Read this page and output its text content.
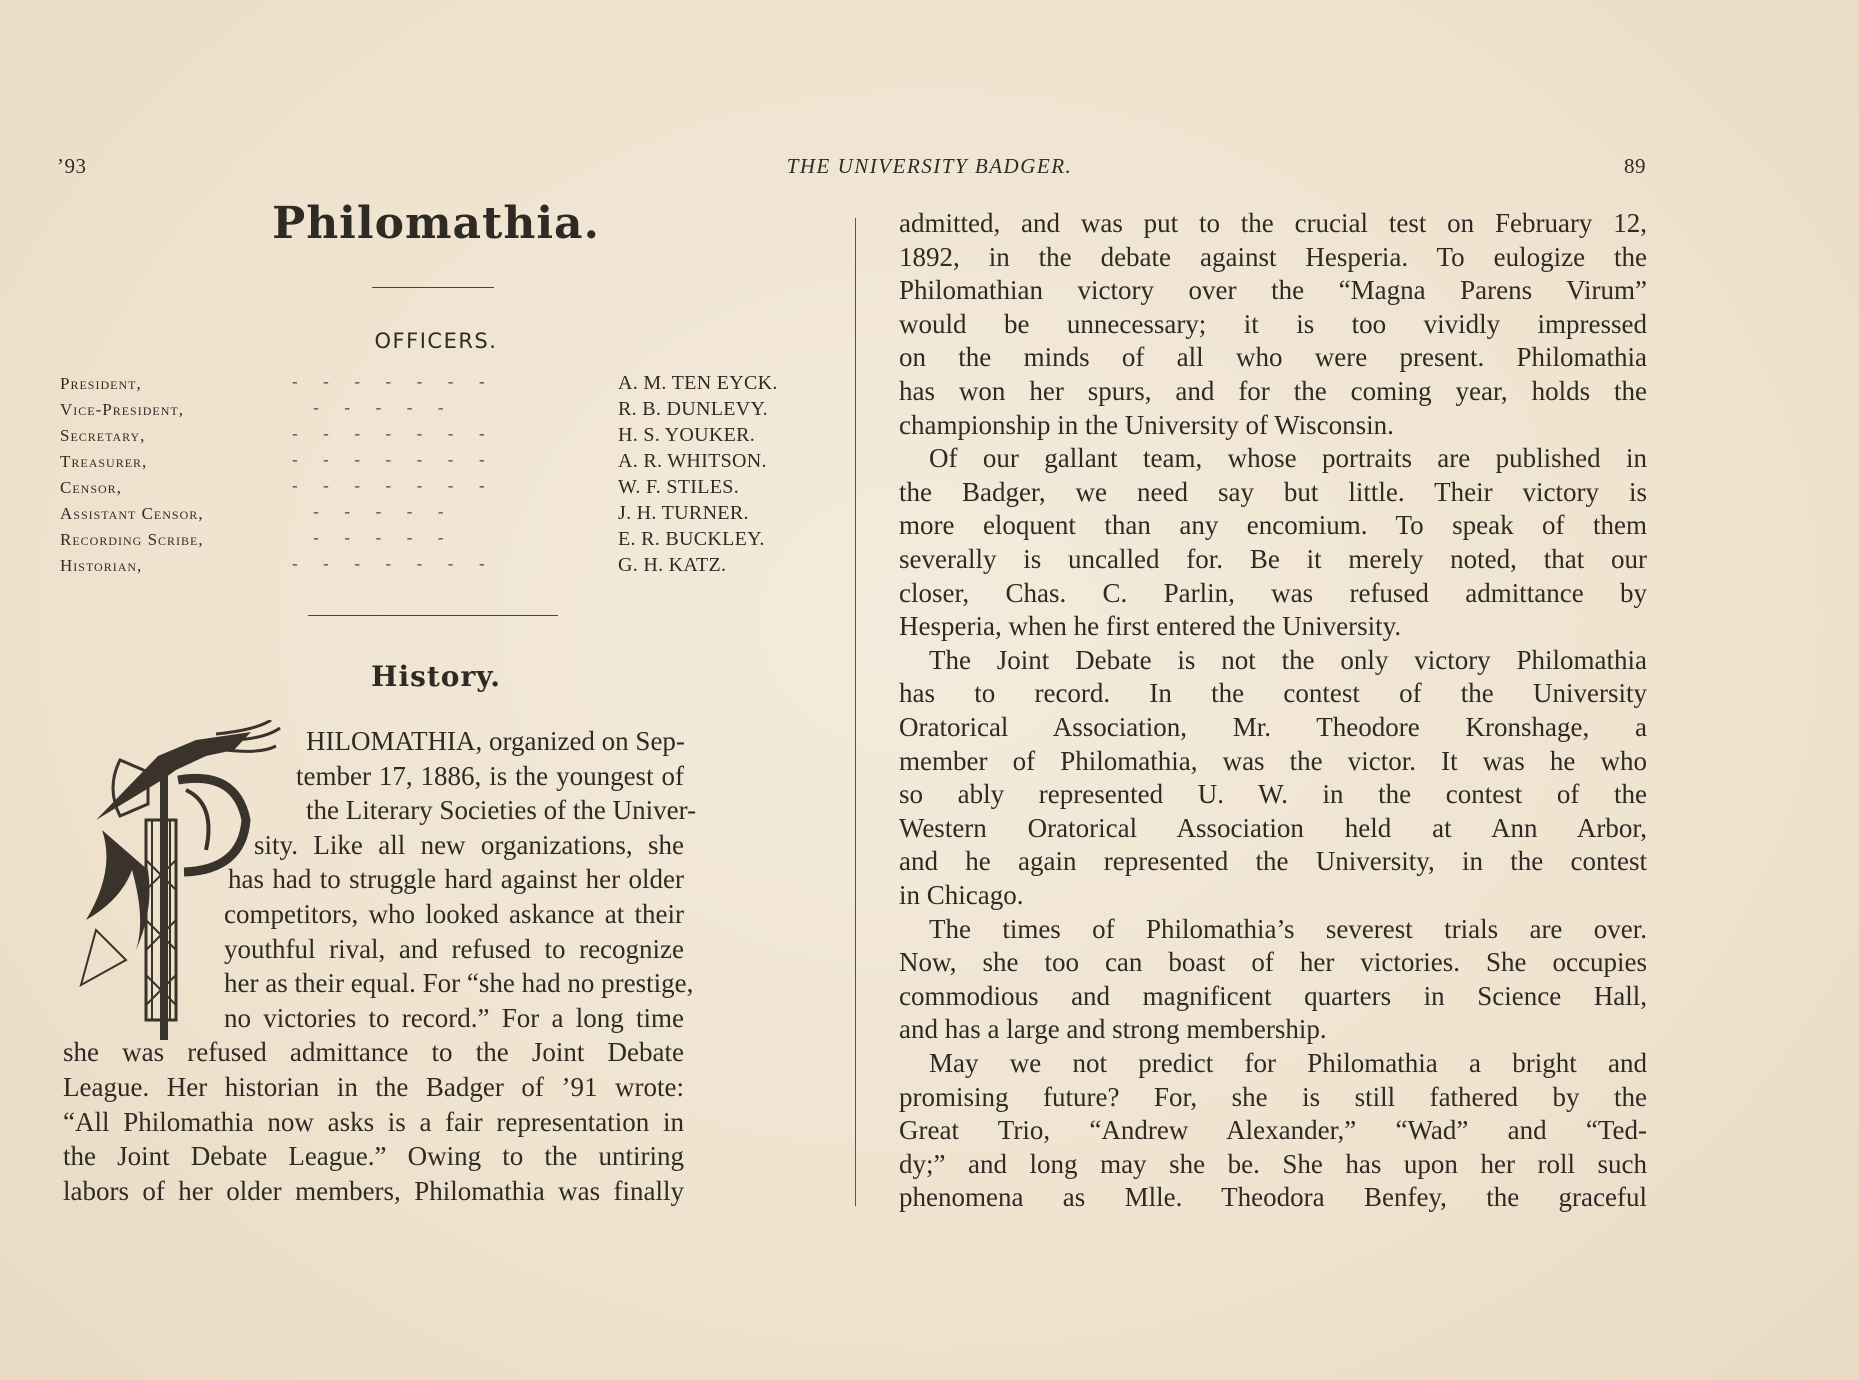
’93	THE UNIVERSITY BADGER.	89
Philomathia.
OFFICERS.
President,	-      -      -      -      -      -      -	A. M. TEN EYCK.
Vice-President,	-      -      -      -      -	R. B. DUNLEVY.
Secretary,	-      -      -      -      -      -      -	H. S. YOUKER.
Treasurer,	-      -      -      -      -      -      -	A. R. WHITSON.
Censor,	-      -      -      -      -      -      -	W. F. STILES.
Assistant Censor,	-      -      -      -      -	J. H. TURNER.
Recording Scribe,	-      -      -      -      -	E. R. BUCKLEY.
Historian,	-      -      -      -      -      -      -	G. H. KATZ.
History.
HILOMATHIA, organized on Sep-
tember 17, 1886, is the youngest of
the Literary Societies of the Univer-
sity. Like all new organizations, she
has had to struggle hard against her older
competitors, who looked askance at their
youthful rival, and refused to recognize
her as their equal. For “she had no prestige,
no victories to record.” For a long time
she was refused admittance to the Joint Debate
League. Her historian in the Badger of ’91 wrote:
“All Philomathia now asks is a fair representation in
the Joint Debate League.” Owing to the untiring
labors of her older members, Philomathia was finally
admitted, and was put to the crucial test on February 12,
1892, in the debate against Hesperia. To eulogize the
Philomathian victory over the “Magna Parens Virum”
would be unnecessary; it is too vividly impressed
on the minds of all who were present. Philomathia
has won her spurs, and for the coming year, holds the
championship in the University of Wisconsin.
Of our gallant team, whose portraits are published in
the Badger, we need say but little. Their victory is
more eloquent than any encomium. To speak of them
severally is uncalled for. Be it merely noted, that our
closer, Chas. C. Parlin, was refused admittance by
Hesperia, when he first entered the University.
The Joint Debate is not the only victory Philomathia
has to record. In the contest of the University
Oratorical Association, Mr. Theodore Kronshage, a
member of Philomathia, was the victor. It was he who
so ably represented U. W. in the contest of the
Western Oratorical Association held at Ann Arbor,
and he again represented the University, in the contest
in Chicago.
The times of Philomathia’s severest trials are over.
Now, she too can boast of her victories. She occupies
commodious and magnificent quarters in Science Hall,
and has a large and strong membership.
May we not predict for Philomathia a bright and
promising future? For, she is still fathered by the
Great Trio, “Andrew Alexander,” “Wad” and “Ted-
dy;” and long may she be. She has upon her roll such
phenomena as Mlle. Theodora Benfey, the graceful
